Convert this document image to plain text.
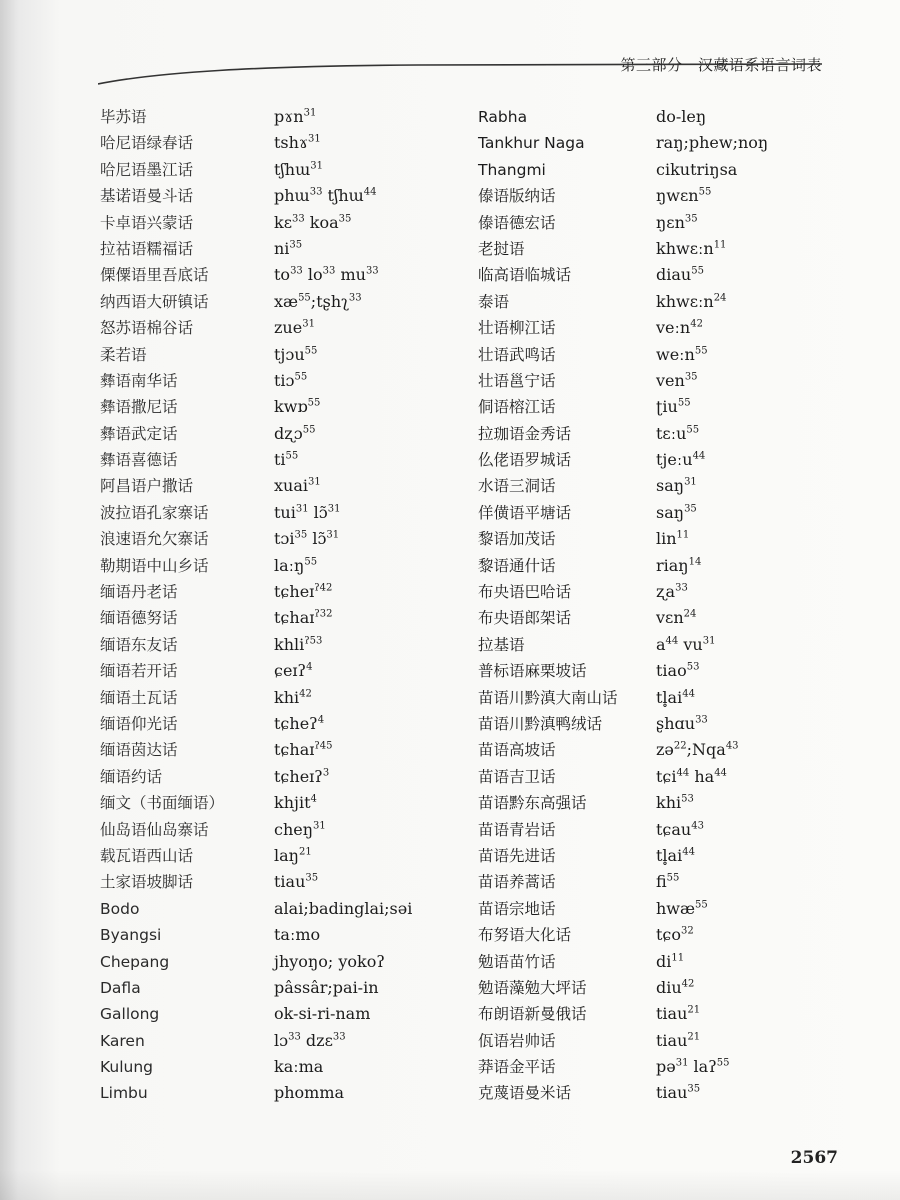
第三部分　汉藏语系语言词表
毕苏语
哈尼语绿春话
哈尼语墨江话
基诺语曼斗话
卡卓语兴蒙话
拉祜语糯福话
傈僳语里吾底话
纳西语大研镇话
怒苏语棉谷话
柔若语
彝语南华话
彝语撒尼话
彝语武定话
彝语喜德话
阿昌语户撒话
波拉语孔家寨话
浪速语允欠寨话
勒期语中山乡话
缅语丹老话
缅语德努话
缅语东友话
缅语若开话
缅语土瓦话
缅语仰光话
缅语茵达话
缅语约话
缅文（书面缅语）
仙岛语仙岛寨话
载瓦语西山话
土家语坡脚话
Bodo
Byangsi
Chepang
Dafla
Gallong
Karen
Kulung
Limbu
pɤn$^{31}$
tshɤ$^{31}$
tʃhɯ$^{31}$
phɯ$^{33}$ tʃhɯ$^{44}$
kɛ$^{33}$ koa$^{35}$
$ni^{35}$
$to^{33}$ $lo^{33}$ $mu^{33}$
$xæ^{55};tʂhʅ^{33}$
zue$^{31}$
tjɔu$^{55}$
tiɔ$^{55}$
kwɒ$^{55}$
dʐɔ$^{55}$
$ti^{55}$
xuai$^{31}$
tui$^{31}$ lɔ̃$^{31}$
tɔi$^{35}$ lɔ̃$^{31}$
laːŋ$^{55}$
tɕheɪ$^{ʔ42}$
tɕhaɪ$^{ʔ32}$
khli$^{ʔ53}$
ɕeɪʔ$^4$
khi$^{42}$
tɕheʔ$^4$
tɕhaɪ$^{ʔ45}$
tɕheɪʔ$^3$
khjit$^4$
cheŋ$^{31}$
laŋ$^{21}$
tiau$^{35}$
alai;badinglai;səi
taːmo
jhyoŋo; yokoʔ
pâssâr;pai-in
ok-si-ri-nam
lɔ$^{33}$ dzɛ$^{33}$
kaːma
phomma
Rabha
Tankhur Naga
Thangmi
傣语版纳话
傣语德宏话
老挝语
临高语临城话
泰语
壮语柳江话
壮语武鸣话
壮语邕宁话
侗语榕江话
拉珈语金秀话
仫佬语罗城话
水语三洞话
佯僙语平塘话
黎语加茂话
黎语通什话
布央语巴哈话
布央语郎架话
拉基语
普标语麻栗坡话
苗语川黔滇大南山话
苗语川黔滇鸭绒话
苗语高坡话
苗语吉卫话
苗语黔东高强话
苗语青岩话
苗语先进话
苗语养蒿话
苗语宗地话
布努语大化话
勉语苗竹话
勉语藻勉大坪话
布朗语新曼俄话
佤语岩帅话
莽语金平话
克蔑语曼米话
do-leŋ
raŋ;phew;noŋ
cikutriŋsa
ŋwɛn$^{55}$
ŋɛn$^{35}$
khwɛːn$^{11}$
diau$^{55}$
khwɛːn$^{24}$
veːn$^{42}$
weːn$^{55}$
ven$^{35}$
ʈiu$^{55}$
tɛːu$^{55}$
tjeːu$^{44}$
saŋ$^{31}$
saŋ$^{35}$
lin$^{11}$
riaŋ$^{14}$
ʐa$^{33}$
vɛn$^{24}$
$a^{44}$ $vu^{31}$
tiao$^{53}$
$tl̥ai^{44}$
ʂhɑu$^{33}$
zə$^{22}$;Nqa$^{43}$
tɕi$^{44}$ $ha^{44}$
khi$^{53}$
tɕau$^{43}$
$tl̥ai^{44}$
$fi^{55}$
hwæ$^{55}$
tɕo$^{32}$
$di^{11}$
diu$^{42}$
tiau$^{21}$
tiau$^{21}$
pə$^{31}$ laʔ$^{55}$
tiau$^{35}$
2567
